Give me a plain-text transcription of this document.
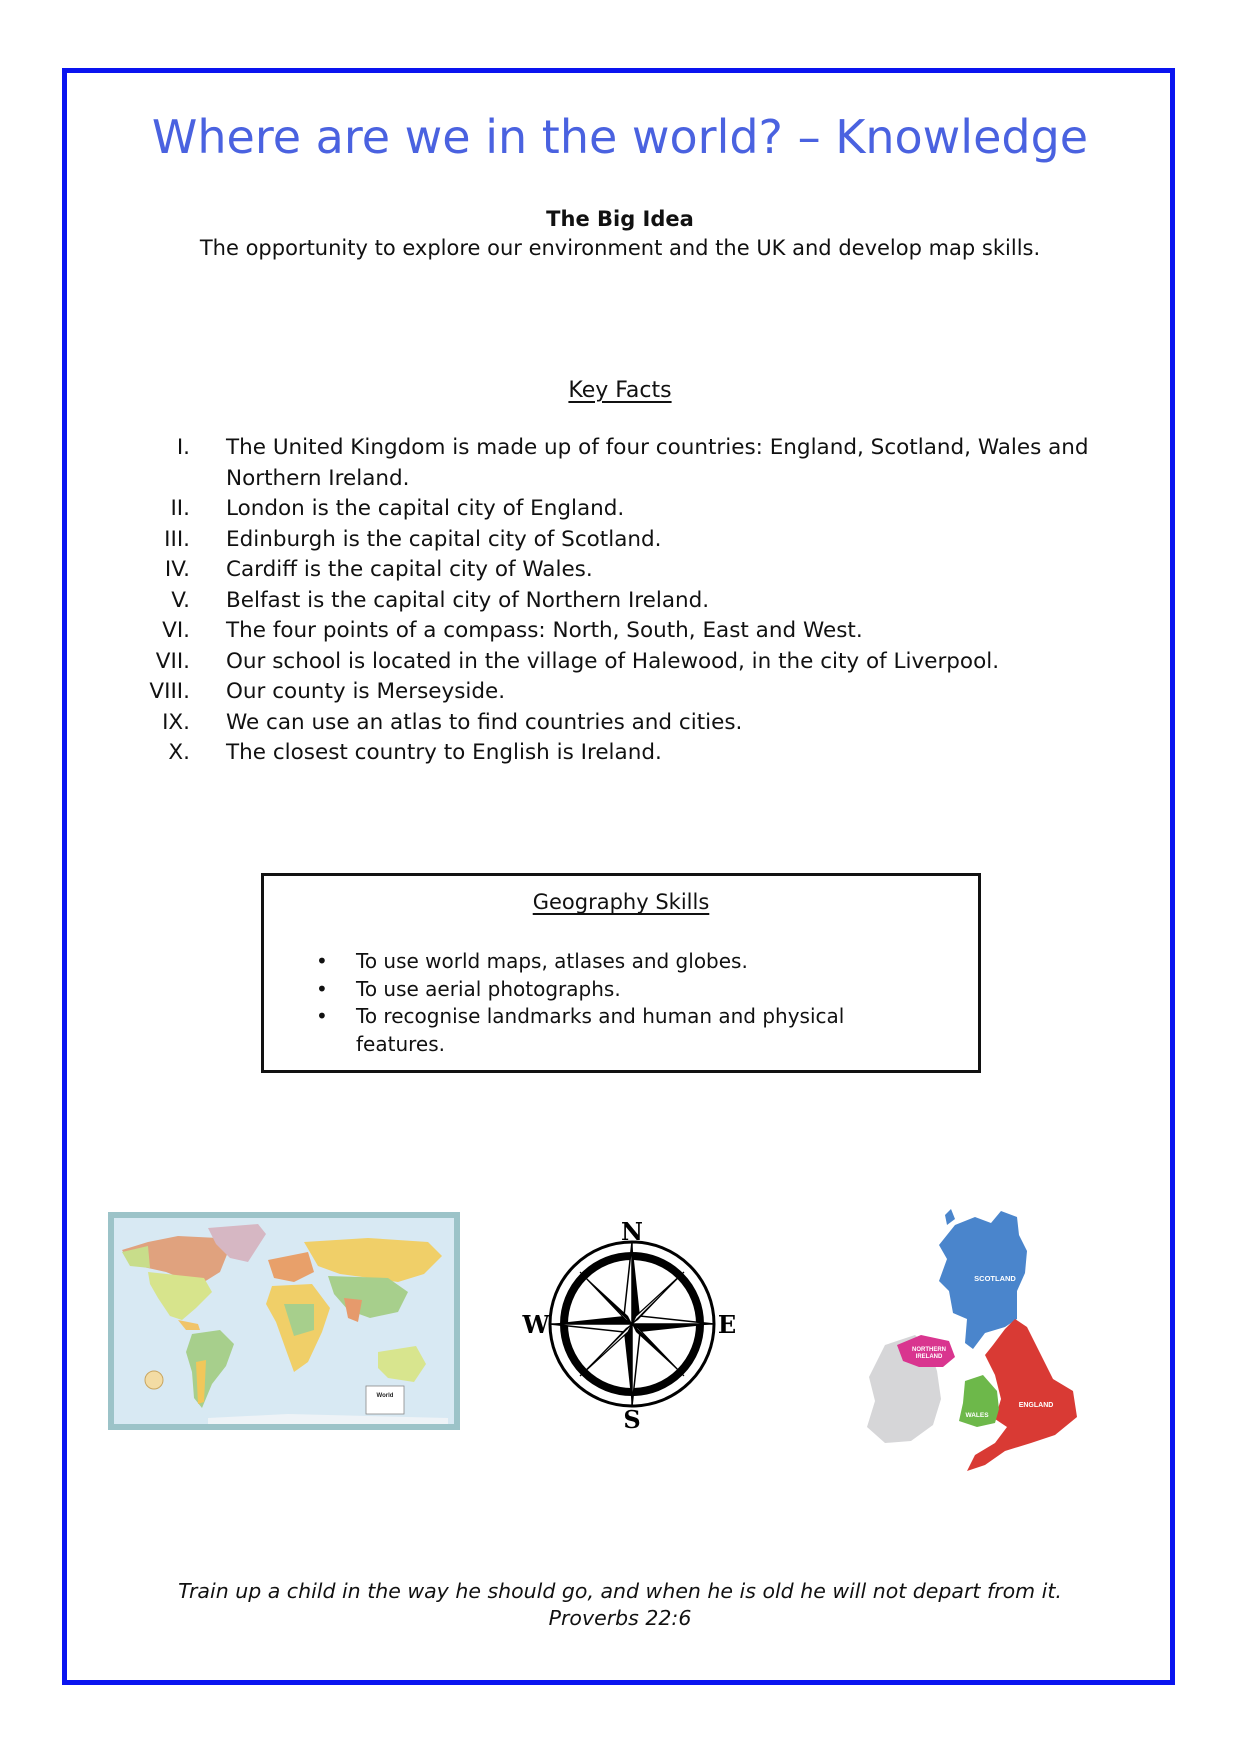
Where are we in the world? – Knowledge

The Big Idea

The opportunity to explore our environment and the UK and develop map skills.

Key Facts

I. The United Kingdom is made up of four countries: England, Scotland, Wales and Northern Ireland.
II. London is the capital city of England.
III. Edinburgh is the capital city of Scotland.
IV. Cardiff is the capital city of Wales.
V. Belfast is the capital city of Northern Ireland.
VI. The four points of a compass: North, South, East and West.
VII. Our school is located in the village of Halewood, in the city of Liverpool.
VIII. Our county is Merseyside.
IX. We can use an atlas to find countries and cities.
X. The closest country to English is Ireland.

Geography Skills

• To use world maps, atlases and globes.
• To use aerial photographs.
• To recognise landmarks and human and physical features.
World
N
S
W	E
SCOTLAND
NORTHERN
IRELAND
WALES
ENGLAND

Train up a child in the way he should go, and when he is old he will not depart from it.

Proverbs 22:6
